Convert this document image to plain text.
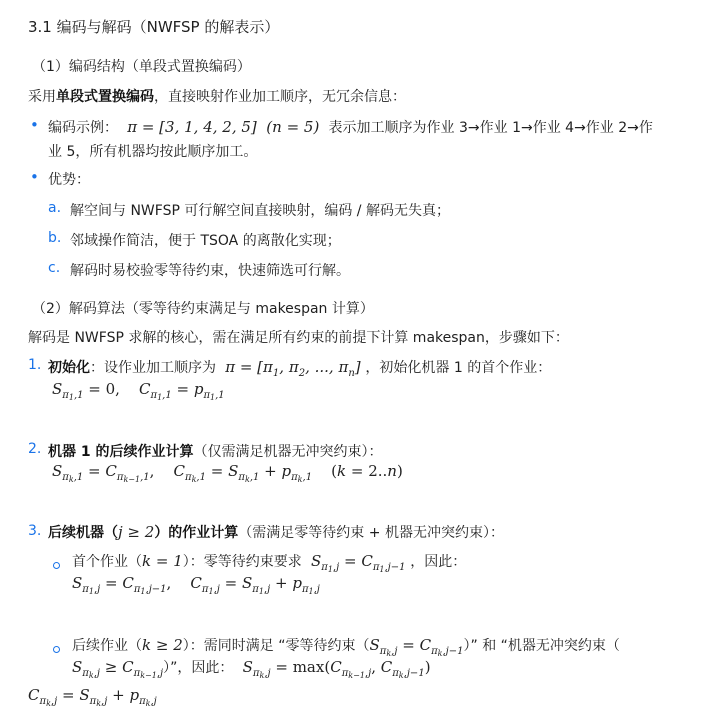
3.1 编码与解码（NWFSP 的解表示）
（1）编码结构（单段式置换编码）
采用单段式置换编码，直接映射作业加工顺序，无冗余信息：
• 编码示例：  π = [3, 1, 4, 2, 5]  (n = 5)  表示加工顺序为作业 3→作业 1→作业 4→作业 2→作
业 5，所有机器均按此顺序加工。
• 优势：
a. 解空间与 NWFSP 可行解空间直接映射，编码 / 解码无失真；
b. 邻域操作简洁，便于 TSOA 的离散化实现；
c. 解码时易校验零等待约束，快速筛选可行解。
（2）解码算法（零等待约束满足与 makespan 计算）
解码是 NWFSP 求解的核心，需在满足所有约束的前提下计算 makespan，步骤如下：
1. 初始化：设作业加工顺序为  $\pi = [\pi_1$, $\pi_2$, ..., $\pi_n$] ，初始化机器 1 的首个作业：
$S_{\pi_1,1} = 0$,    $C_{\pi_1,1} = p_{\pi_1,1}$
2. 机器 1 的后续作业计算（仅需满足机器无冲突约束）：
$S_{\pi_k,1} = C_{\pi_{k-1},1}$,    $C_{\pi_k,1} = S_{\pi_k,1} + p_{\pi_k,1}$ (k = 2..n)
3. 后续机器（j ≥ 2）的作业计算（需满足零等待约束 + 机器无冲突约束）：
首个作业（k = 1）：零等待约束要求  $S_{\pi_1,j} = C_{\pi_1,j-1}$ ，因此：
$S_{\pi_1,j} = C_{\pi_1,j-1}$,    $C_{\pi_1,j} = S_{\pi_1,j} + p_{\pi_1,j}$
后续作业（k ≥ 2）：需同时满足 “零等待约束$(S_{\pi_k,j} = C_{\pi_k,j-1})$” 和 “机器无冲突约束（
$S_{\pi_k,j} \ge C_{\pi_{k-1},j}$）”，因此：  $S_{\pi_k,j} = \max(C_{\pi_{k-1},j}$, $C_{\pi_k,j-1}$)
$C_{\pi_k,j} = S_{\pi_k,j} + p_{\pi_k,j}$
